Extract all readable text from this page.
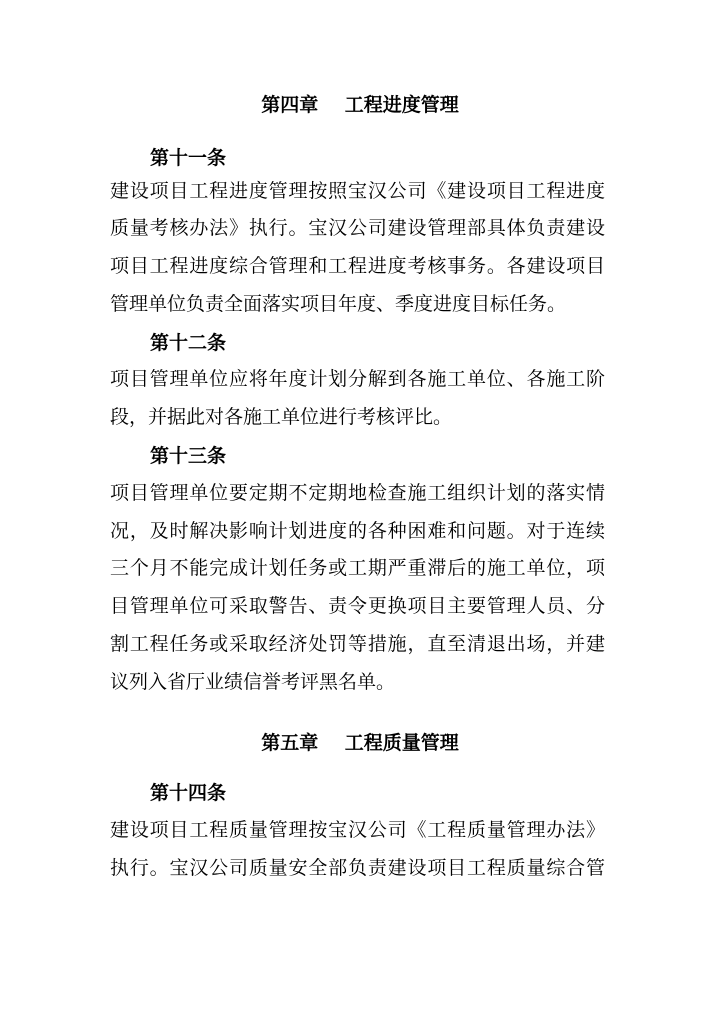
第四章    工程进度管理
第十一条
建设项目工程进度管理按照宝汉公司《建设项目工程进度
质量考核办法》执行。宝汉公司建设管理部具体负责建设
项目工程进度综合管理和工程进度考核事务。各建设项目
管理单位负责全面落实项目年度、季度进度目标任务。
第十二条
项目管理单位应将年度计划分解到各施工单位、各施工阶
段，并据此对各施工单位进行考核评比。
第十三条
项目管理单位要定期不定期地检查施工组织计划的落实情
况，及时解决影响计划进度的各种困难和问题。对于连续
三个月不能完成计划任务或工期严重滞后的施工单位，项
目管理单位可采取警告、责令更换项目主要管理人员、分
割工程任务或采取经济处罚等措施，直至清退出场，并建
议列入省厅业绩信誉考评黑名单。
第五章    工程质量管理
第十四条
建设项目工程质量管理按宝汉公司《工程质量管理办法》
执行。宝汉公司质量安全部负责建设项目工程质量综合管
